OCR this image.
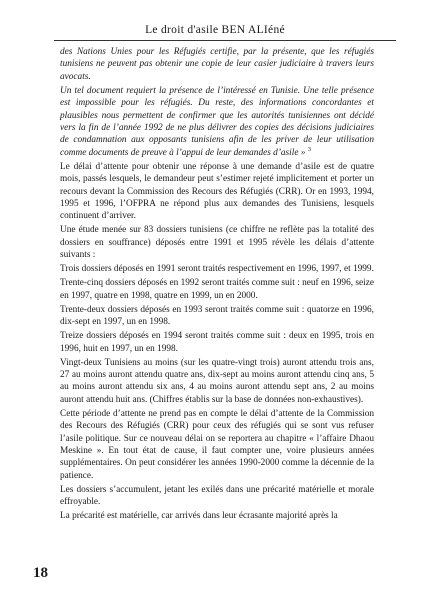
Le droit d'asile BEN ALIéné

des Nations Unies pour les Réfugiés certifie, par la présente, que les réfugiés tunisiens ne peuvent pas obtenir une copie de leur casier judiciaire à travers leurs avocats.

Un tel document requiert la présence de l’intéressé en Tunisie. Une telle présence est impossible pour les réfugiés. Du reste, des informations concordantes et plausibles nous permettent de confirmer que les autorités tunisiennes ont décidé vers la fin de l’année 1992 de ne plus délivrer des copies des décisions judiciaires de condamnation aux opposants tunisiens afin de les priver de leur utilisation comme documents de preuve à l’appui de leur demandes d’asile » $^3$

Le délai d’attente pour obtenir une réponse à une demande d’asile est de quatre mois, passés lesquels, le demandeur peut s’estimer rejeté implicitement et porter un recours devant la Commission des Recours des Réfugiés (CRR). Or en 1993, 1994, 1995 et 1996, l’OFPRA ne répond plus aux demandes des Tunisiens, lesquels continuent d’arriver.

Une étude menée sur 83 dossiers tunisiens (ce chiffre ne reflète pas la totalité des dossiers en souffrance) déposés entre 1991 et 1995 révèle les délais d’attente suivants :

Trois dossiers déposés en 1991 seront traités respectivement en 1996, 1997, et 1999.

Trente-cinq dossiers déposés en 1992 seront traités comme suit : neuf en 1996, seize en 1997, quatre en 1998, quatre en 1999, un en 2000.

Trente-deux dossiers déposés en 1993 seront traités comme suit : quatorze en 1996, dix-sept en 1997, un en 1998.

Treize dossiers déposés en 1994 seront traités comme suit : deux en 1995, trois en 1996, huit en 1997, un en 1998.

Vingt-deux Tunisiens au moins (sur les quatre-vingt trois) auront attendu trois ans, 27 au moins auront attendu quatre ans, dix-sept au moins auront attendu cinq ans, 5 au moins auront attendu six ans, 4 au moins auront attendu sept ans, 2 au moins auront attendu huit ans. (Chiffres établis sur la base de données non-exhaustives).

Cette période d’attente ne prend pas en compte le délai d’attente de la Commission des Recours des Réfugiés (CRR) pour ceux des réfugiés qui se sont vus refuser l’asile politique. Sur ce nouveau délai on se reportera au chapitre « l’affaire Dhaou Meskine ». En tout état de cause, il faut compter une, voire plusieurs années supplémentaires. On peut considérer les années 1990-2000 comme la décennie de la patience.

Les dossiers s’accumulent, jetant les exilés dans une précarité matérielle et morale effroyable.

La précarité est matérielle, car arrivés dans leur écrasante majorité après la

18
